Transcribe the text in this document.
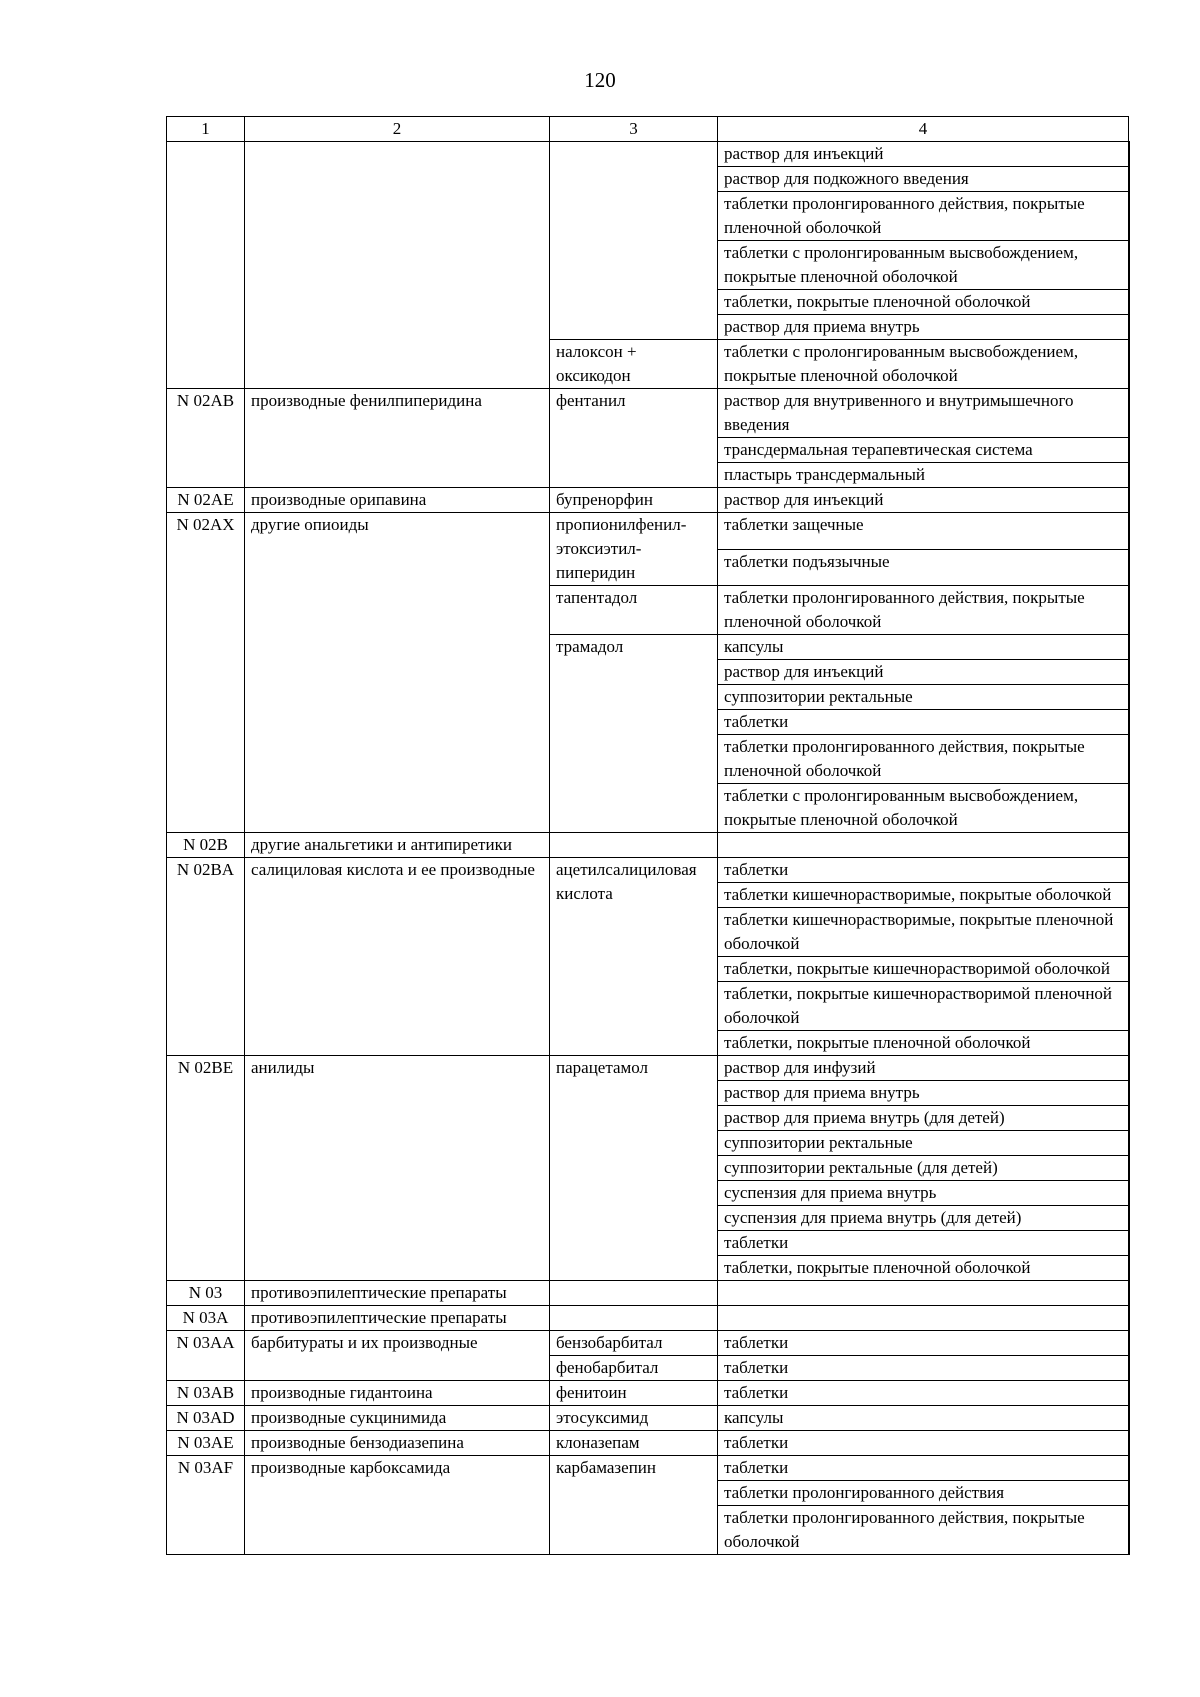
120
1	2	3	4
			раствор для инъекций
			раствор для подкожного введения
			таблетки пролонгированного действия, покрытые пленочной оболочкой
			таблетки с пролонгированным высвобождением, покрытые пленочной оболочкой
			таблетки, покрытые пленочной оболочкой
			раствор для приема внутрь
		налоксон + оксикодон	таблетки с пролонгированным высвобождением, покрытые пленочной оболочкой
N 02AB	производные фенилпиперидина	фентанил	раствор для внутривенного и внутримышечного введения
			трансдермальная терапевтическая система
			пластырь трансдермальный
N 02AE	производные орипавина	бупренорфин	раствор для инъекций
N 02AX	другие опиоиды	пропионилфенил-этоксиэтил-пиперидин	таблетки защечные
			таблетки подъязычные
		тапентадол	таблетки пролонгированного действия, покрытые пленочной оболочкой
		трамадол	капсулы
			раствор для инъекций
			суппозитории ректальные
			таблетки
			таблетки пролонгированного действия, покрытые пленочной оболочкой
			таблетки с пролонгированным высвобождением, покрытые пленочной оболочкой
N 02B	другие анальгетики и антипиретики		
N 02BA	салициловая кислота и ее производные	ацетилсалициловая кислота	таблетки
			таблетки кишечнорастворимые, покрытые оболочкой
			таблетки кишечнорастворимые, покрытые пленочной оболочкой
			таблетки, покрытые кишечнорастворимой оболочкой
			таблетки, покрытые кишечнорастворимой пленочной оболочкой
			таблетки, покрытые пленочной оболочкой
N 02BE	анилиды	парацетамол	раствор для инфузий
			раствор для приема внутрь
			раствор для приема внутрь (для детей)
			суппозитории ректальные
			суппозитории ректальные (для детей)
			суспензия для приема внутрь
			суспензия для приема внутрь (для детей)
			таблетки
			таблетки, покрытые пленочной оболочкой
N 03	противоэпилептические препараты		
N 03A	противоэпилептические препараты		
N 03AA	барбитураты и их производные	бензобарбитал	таблетки
		фенобарбитал	таблетки
N 03AB	производные гидантоина	фенитоин	таблетки
N 03AD	производные сукцинимида	этосуксимид	капсулы
N 03AE	производные бензодиазепина	клоназепам	таблетки
N 03AF	производные карбоксамида	карбамазепин	таблетки
			таблетки пролонгированного действия
			таблетки пролонгированного действия, покрытые оболочкой
